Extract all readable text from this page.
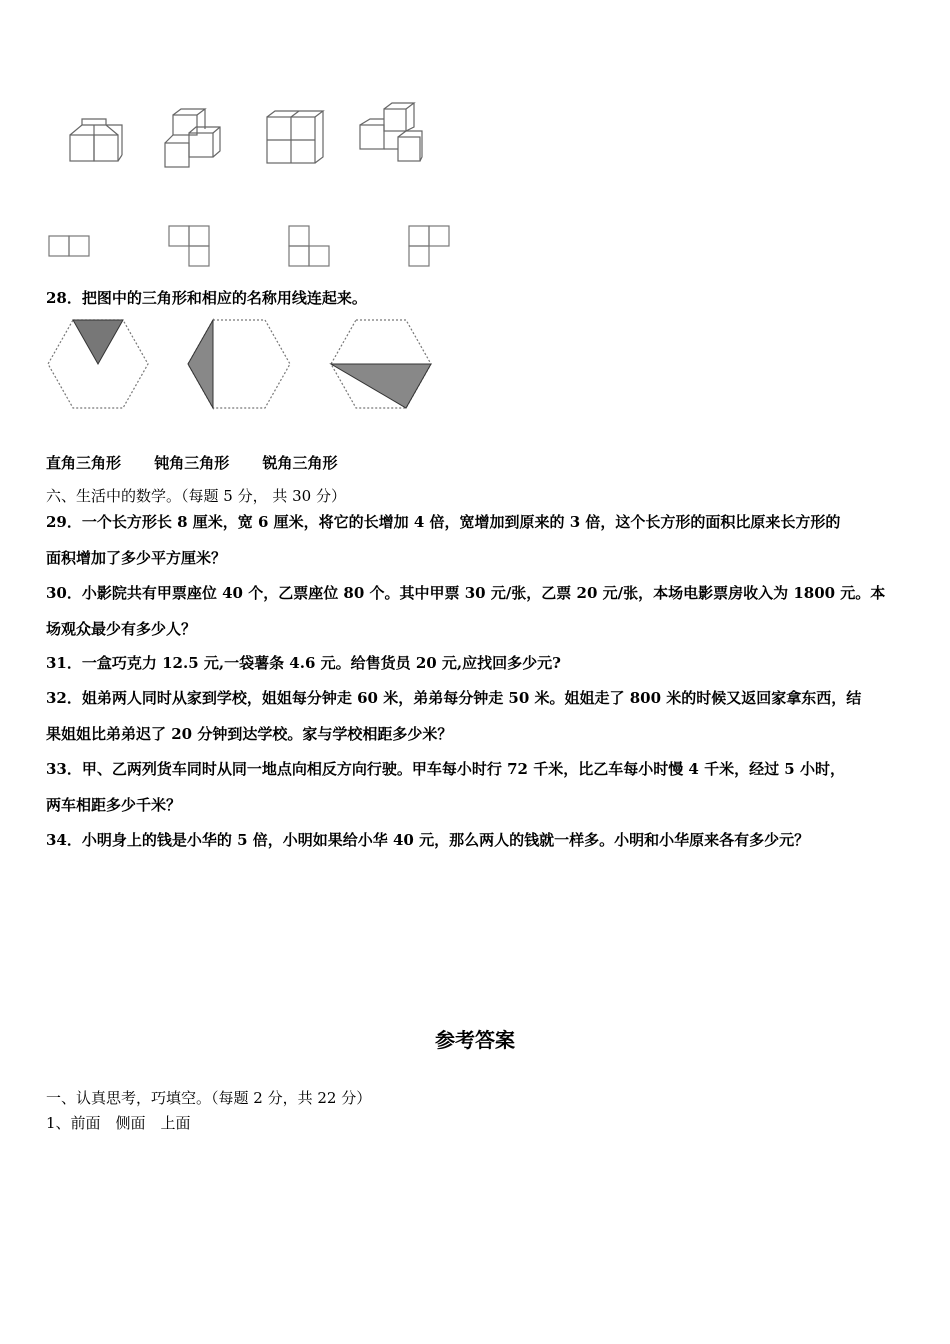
28．把图中的三角形和相应的名称用线连起来。
直角三角形 钝角三角形 锐角三角形
六、生活中的数学。（每题 5 分， 共 30 分）
29．一个长方形长 8 厘米，宽 6 厘米，将它的长增加 4 倍，宽增加到原来的 3 倍，这个长方形的面积比原来长方形的
面积增加了多少平方厘米？
30．小影院共有甲票座位 40 个，乙票座位 80 个。其中甲票 30 元/张，乙票 20 元/张，本场电影票房收入为 1800 元。本
场观众最少有多少人？
31．一盒巧克力 12.5 元,一袋薯条 4.6 元。给售货员 20 元,应找回多少元?
32．姐弟两人同时从家到学校，姐姐每分钟走 60 米，弟弟每分钟走 50 米。姐姐走了 800 米的时候又返回家拿东西，结
果姐姐比弟弟迟了 20 分钟到达学校。家与学校相距多少米？
33．甲、乙两列货车同时从同一地点向相反方向行驶。甲车每小时行 72 千米，比乙车每小时慢 4 千米，经过 5 小时，
两车相距多少千米？
34．小明身上的钱是小华的 5 倍，小明如果给小华 40 元，那么两人的钱就一样多。小明和小华原来各有多少元？
参考答案
一、认真思考，巧填空。（每题 2 分，共 22 分）
1、前面　侧面　上面
